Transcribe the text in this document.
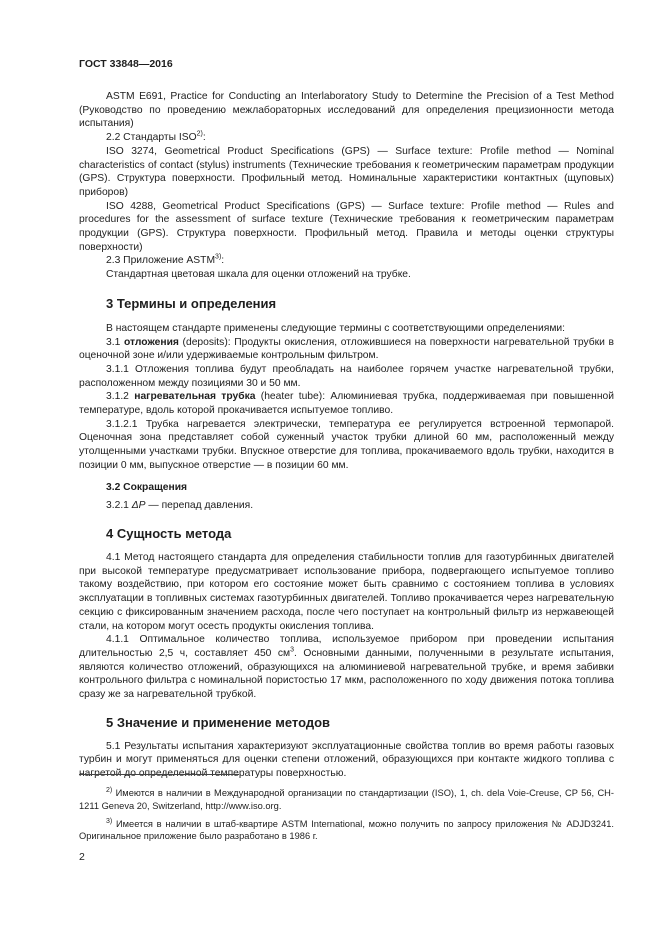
ГОСТ 33848—2016

ASTM E691, Practice for Conducting an Interlaboratory Study to Determine the Precision of a Test Method (Руководство по проведению межлабораторных исследований для определения прецизионности метода испытания)

2.2 Стандарты ISO$^{2)}$:

ISO 3274, Geometrical Product Specifications (GPS) — Surface texture: Profile method — Nominal characteristics of contact (stylus) instruments (Технические требования к геометрическим параметрам продукции (GPS). Структура поверхности. Профильный метод. Номинальные характеристики контактных (щуповых) приборов)

ISO 4288, Geometrical Product Specifications (GPS) — Surface texture: Profile method — Rules and procedures for the assessment of surface texture (Технические требования к геометрическим параметрам продукции (GPS). Структура поверхности. Профильный метод. Правила и методы оценки структуры поверхности)

2.3 Приложение ASTM$^{3)}$:

Стандартная цветовая шкала для оценки отложений на трубке.

3 Термины и определения

В настоящем стандарте применены следующие термины с соответствующими определениями:

3.1 отложения (deposits): Продукты окисления, отложившиеся на поверхности нагревательной трубки в оценочной зоне и/или удерживаемые контрольным фильтром.

3.1.1 Отложения топлива будут преобладать на наиболее горячем участке нагревательной трубки, расположенном между позициями 30 и 50 мм.

3.1.2 нагревательная трубка (heater tube): Алюминиевая трубка, поддерживаемая при повышенной температуре, вдоль которой прокачивается испытуемое топливо.

3.1.2.1 Трубка нагревается электрически, температура ее регулируется встроенной термопарой. Оценочная зона представляет собой суженный участок трубки длиной 60 мм, расположенный между утолщенными участками трубки. Впускное отверстие для топлива, прокачиваемого вдоль трубки, находится в позиции 0 мм, выпускное отверстие — в позиции 60 мм.

3.2 Сокращения

3.2.1 ΔP — перепад давления.

4 Сущность метода

4.1 Метод настоящего стандарта для определения стабильности топлив для газотурбинных двигателей при высокой температуре предусматривает использование прибора, подвергающего испытуемое топливо такому воздействию, при котором его состояние может быть сравнимо с состоянием топлива в условиях эксплуатации в топливных системах газотурбинных двигателей. Топливо прокачивается через нагревательную секцию с фиксированным значением расхода, после чего поступает на контрольный фильтр из нержавеющей стали, на котором могут осесть продукты окисления топлива.

4.1.1 Оптимальное количество топлива, используемое прибором при проведении испытания длительностью 2,5 ч, составляет 450 $см^3$. Основными данными, полученными в результате испытания, являются количество отложений, образующихся на алюминиевой нагревательной трубке, и время забивки контрольного фильтра с номинальной пористостью 17 мкм, расположенного по ходу движения потока топлива сразу же за нагревательной трубкой.

5 Значение и применение методов

5.1 Результаты испытания характеризуют эксплуатационные свойства топлив во время работы газовых турбин и могут применяться для оценки степени отложений, образующихся при контакте жидкого топлива с нагретой до определенной температуры поверхностью.

$^{2)}$ Имеются в наличии в Международной организации по стандартизации (ISO), 1, ch. dela Voie-Creuse, CP 56, CH-1211 Geneva 20, Switzerland, http://www.iso.org.

$^{3)}$ Имеется в наличии в штаб-квартире ASTM International, можно получить по запросу приложения № ADJD3241. Оригинальное приложение было разработано в 1986 г.

2
